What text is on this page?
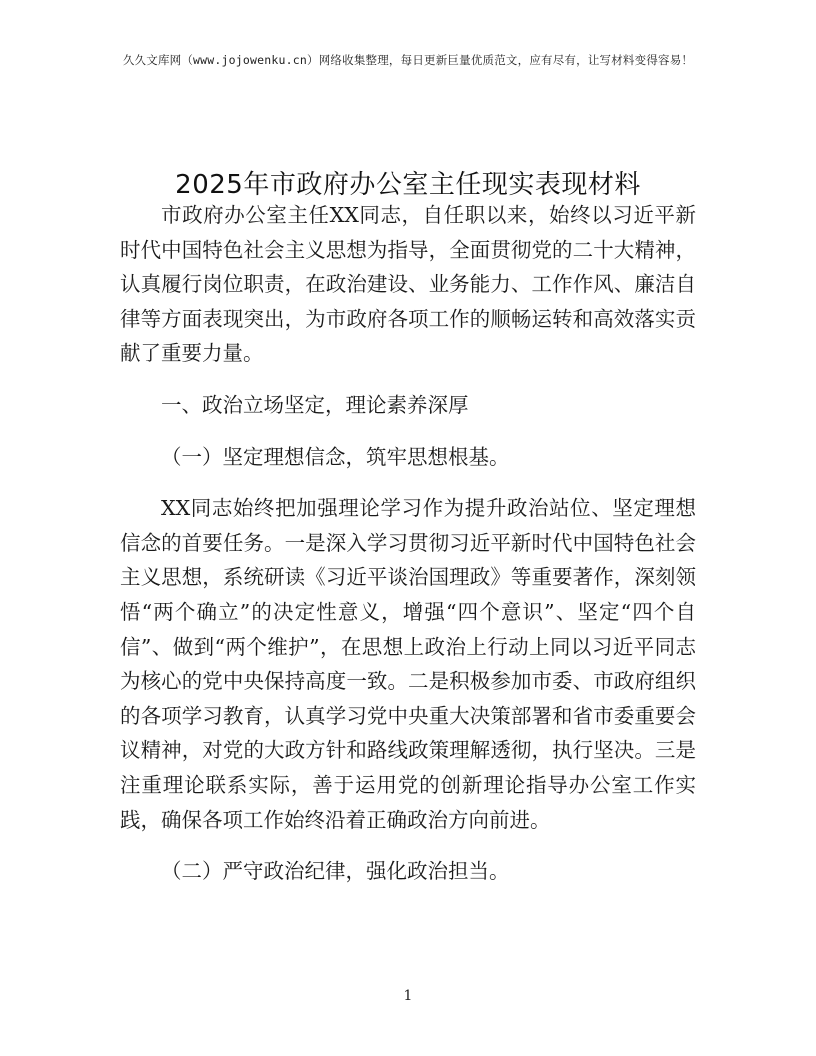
久久文库网（www.jojowenku.cn）网络收集整理，每日更新巨量优质范文，应有尽有，让写材料变得容易！
2025年市政府办公室主任现实表现材料

市政府办公室主任XX同志，自任职以来，始终以习近平新时代中国特色社会主义思想为指导，全面贯彻党的二十大精神，认真履行岗位职责，在政治建设、业务能力、工作作风、廉洁自律等方面表现突出，为市政府各项工作的顺畅运转和高效落实贡献了重要力量。

一、政治立场坚定，理论素养深厚

（一）坚定理想信念，筑牢思想根基。

XX同志始终把加强理论学习作为提升政治站位、坚定理想信念的首要任务。一是深入学习贯彻习近平新时代中国特色社会主义思想，系统研读《习近平谈治国理政》等重要著作，深刻领悟“两个确立”的决定性意义，增强“四个意识”、坚定“四个自信”、做到“两个维护”，在思想上政治上行动上同以习近平同志为核心的党中央保持高度一致。二是积极参加市委、市政府组织的各项学习教育，认真学习党中央重大决策部署和省市委重要会议精神，对党的大政方针和路线政策理解透彻，执行坚决。三是注重理论联系实际，善于运用党的创新理论指导办公室工作实践，确保各项工作始终沿着正确政治方向前进。

（二）严守政治纪律，强化政治担当。

1
